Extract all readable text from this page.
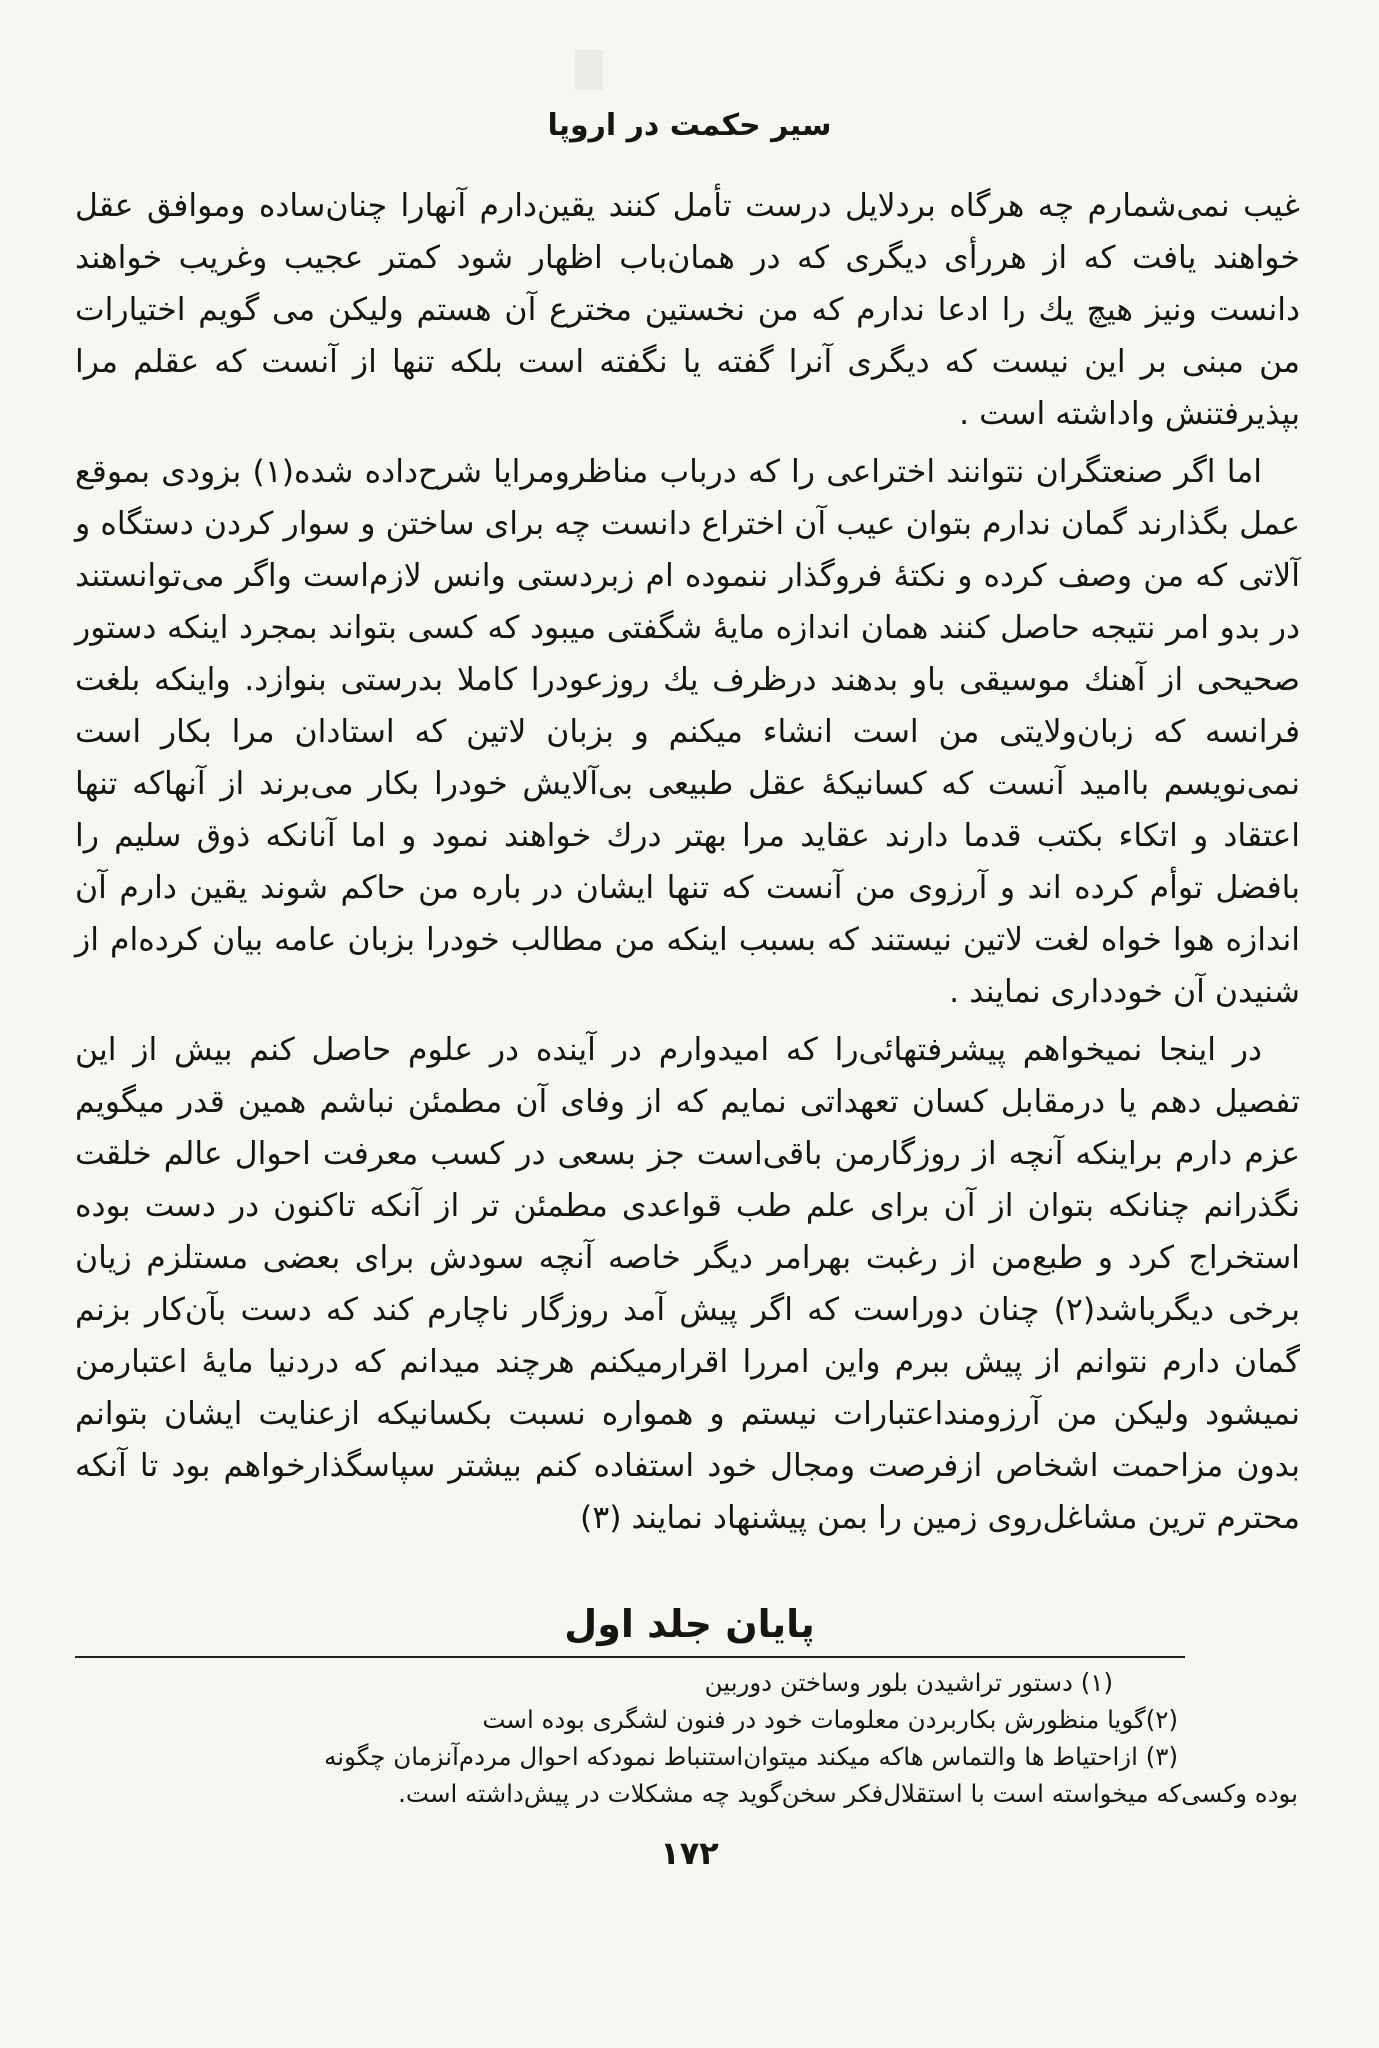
سیر حکمت در اروپا

غیب نمی‌شمارم چه هرگاه بردلایل درست تأمل کنند یقین‌دارم آنهارا چنان‌ساده وموافق عقل خواهند یافت که از هررأی دیگری که در همان‌باب اظهار شود کمتر عجیب وغریب خواهند دانست ونیز هیچ یك را ادعا ندارم که من نخستین مخترع آن هستم ولیکن می گویم اختیارات من مبنی بر این نیست که دیگری آنرا گفته یا نگفته است بلکه تنها از آنست که عقلم مرا بپذیرفتنش واداشته است .

اما اگر صنعتگران نتوانند اختراعی را که درباب مناظرومرایا شرح‌داده شده(۱) بزودی بموقع عمل بگذارند گمان ندارم بتوان عیب آن اختراع دانست چه برای ساختن و سوار کردن دستگاه و آلاتی که من وصف کرده و نکتهٔ فروگذار ننموده ام زبردستی وانس لازم‌است واگر می‌توانستند در بدو امر نتیجه حاصل کنند همان اندازه مایهٔ شگفتی میبود که کسی بتواند بمجرد اینکه دستور صحیحی از آهنك موسیقی باو بدهند درظرف یك روزعودرا کاملا بدرستی بنوازد. واینکه بلغت فرانسه که زبان‌ولایتی من است انشاء میکنم و بزبان لاتین که استادان مرا بکار است نمی‌نویسم باامید آنست که کسانیکهٔ عقل طبیعی بی‌آلایش خودرا بکار می‌برند از آنهاکه تنها اعتقاد و اتکاء بکتب قدما دارند عقاید مرا بهتر درك خواهند نمود و اما آنانکه ذوق سلیم را بافضل توأم کرده اند و آرزوی من آنست که تنها ایشان در باره من حاکم شوند یقین دارم آن اندازه هوا خواه لغت لاتین نیستند که بسبب اینکه من مطالب خودرا بزبان عامه بیان کرده‌ام از شنیدن آن خودداری نمایند .

در اینجا نمیخواهم پیشرفتهائی‌را که امیدوارم در آینده در علوم حاصل کنم بیش از این تفصیل دهم یا درمقابل کسان تعهداتی نمایم که از وفای آن مطمئن نباشم همین قدر میگویم عزم دارم براینکه آنچه از روزگارمن باقی‌است جز بسعی در کسب معرفت احوال عالم خلقت نگذرانم چنانکه بتوان از آن برای علم طب قواعدی مطمئن تر از آنکه تاکنون در دست بوده استخراج کرد و طبع‌من از رغبت بهرامر دیگر خاصه آنچه سودش برای بعضی مستلزم زیان برخی دیگرباشد(۲) چنان دوراست که اگر پیش آمد روزگار ناچارم کند که دست بآن‌کار بزنم گمان دارم نتوانم از پیش ببرم واین امررا اقرارمیکنم هرچند میدانم که دردنیا مایهٔ اعتبارمن نمیشود ولیکن من آرزومنداعتبارات نیستم و همواره نسبت بکسانیکه ازعنایت ایشان بتوانم بدون مزاحمت اشخاص ازفرصت ومجال خود استفاده کنم بیشتر سپاسگذارخواهم بود تا آنکه محترم ترین مشاغل‌روی زمین را بمن پیشنهاد نمایند (۳)

پایان جلد اول

(۱) دستور تراشیدن بلور وساختن دوربین

(۲)گویا منظورش بکاربردن معلومات خود در فنون لشگری بوده است

(۳) ازاحتیاط ها والتماس هاکه میکند میتوان‌استنباط نمودکه احوال مردم‌آنزمان چگونه

بوده وکسی‌که میخواسته است با استقلال‌فکر سخن‌گوید چه مشکلات در پیش‌داشته است.

۱۷۲
